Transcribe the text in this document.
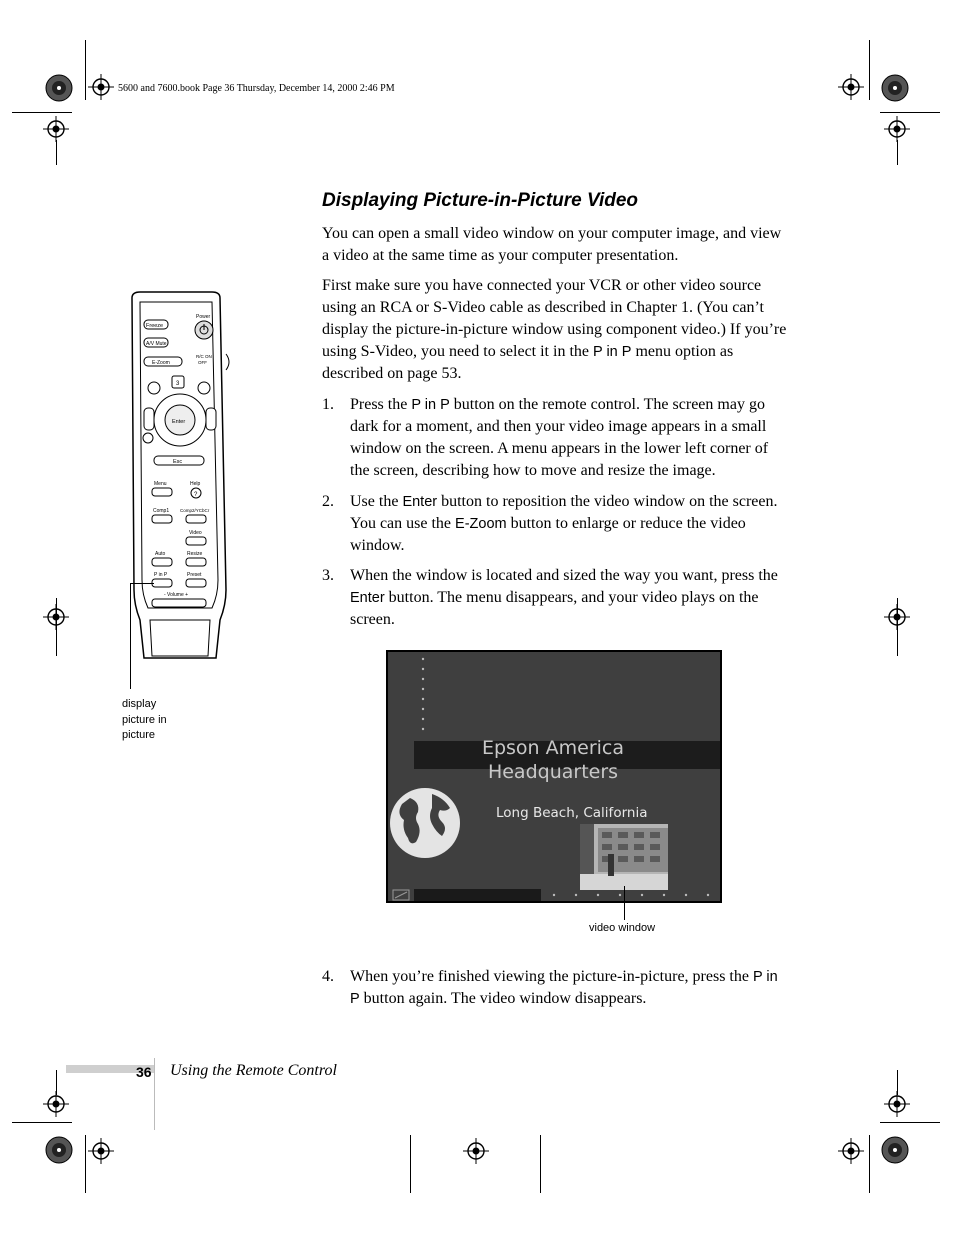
5600 and 7600.book Page 36 Thursday, December 14, 2000 2:46 PM
Displaying Picture-in-Picture Video
You can open a small video window on your computer image, and view a video at the same time as your computer presentation.
First make sure you have connected your VCR or other video source using an RCA or S-Video cable as described in Chapter 1. (You can’t display the picture-in-picture window using component video.) If you’re using S-Video, you need to select it in the P in P menu option as described on page 53.
1. Press the P in P button on the remote control. The screen may go dark for a moment, and then your video image appears in a small window on the screen. A menu appears in the lower left corner of the screen, describing how to move and resize the image.
2. Use the Enter button to reposition the video window on the screen. You can use the E-Zoom button to enlarge or reduce the video window.
3. When the window is located and sized the way you want, press the Enter button. The menu disappears, and your video plays on the screen.
4. When you’re finished viewing the picture-in-picture, press the P in P button again. The video window disappears.
Power
Freeze
A/V Mute
E-Zoom
R/C ON OFF
3
Enter
Esc
Menu	Help
?
Comp1 Comp2/YCbCr
Video
Auto	Resize
P in P	Preset
- Volume +
display
picture in
picture
Epson America
Headquarters
Long Beach, California
video window
36 Using the Remote Control
